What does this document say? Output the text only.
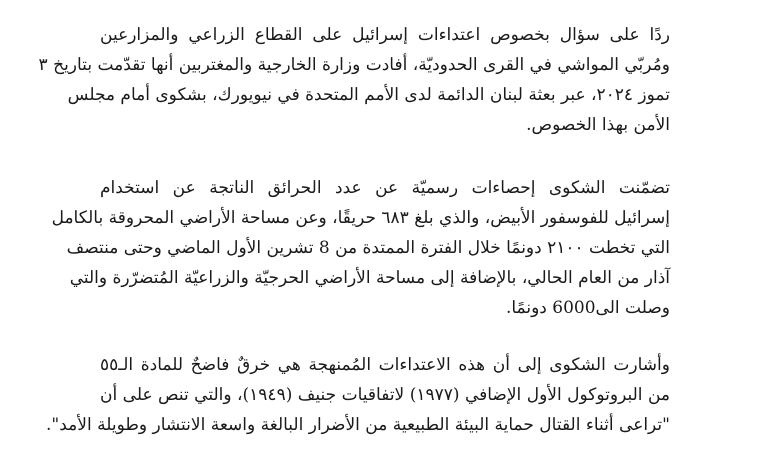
ردًا على سؤال بخصوص اعتداءات إسرائيل على القطاع الزراعي والمزارعين
ومُربّي المواشي في القرى الحدوديّة، أفادت وزارة الخارجية والمغتربين أنها تقدّمت بتاريخ ٣
تموز ٢٠٢٤، عبر بعثة لبنان الدائمة لدى الأمم المتحدة في نيويورك، بشكوى أمام مجلس
الأمن بهذا الخصوص.
تضمّنت الشكوى إحصاءات رسميّة عن عدد الحرائق الناتجة عن استخدام
إسرائيل للفوسفور الأبيض، والذي بلغ ٦٨٣ حريقًا، وعن مساحة الأراضي المحروقة بالكامل
التي تخطت ٢١٠٠ دونمًا خلال الفترة الممتدة من 8 تشرين الأول الماضي وحتى منتصف
آذار من العام الحالي، بالإضافة إلى مساحة الأراضي الحرجيّة والزراعيّة المُتضرّرة والتي
وصلت الى6000 دونمًا.
وأشارت الشكوى إلى أن هذه الاعتداءات المُمنهجة هي خرقٌ فاضحٌ للمادة الـ٥٥
من البروتوكول الأول الإضافي (١٩٧٧) لاتفاقيات جنيف (١٩٤٩)، والتي تنص على أن
"تراعى أثناء القتال حماية البيئة الطبيعية من الأضرار البالغة واسعة الانتشار وطويلة الأمد".
